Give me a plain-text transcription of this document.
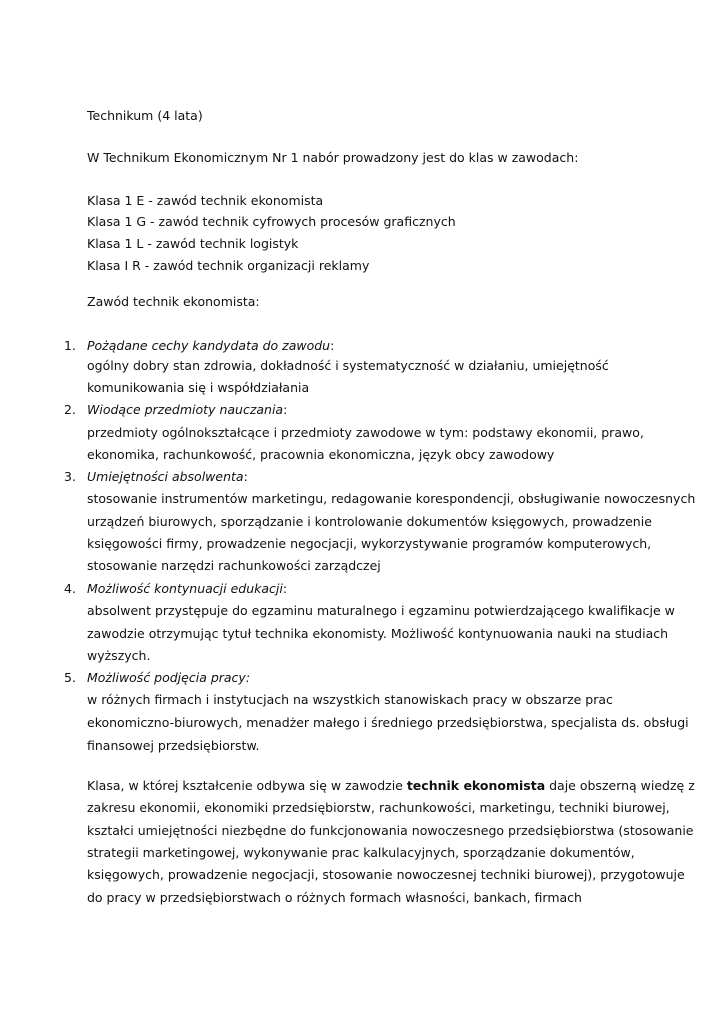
Technikum (4 lata)
W Technikum Ekonomicznym Nr 1 nabór prowadzony jest do klas w zawodach:
Klasa 1 E - zawód technik ekonomista
Klasa 1 G - zawód technik cyfrowych procesów graficznych
Klasa 1 L - zawód technik logistyk
Klasa I R - zawód technik organizacji reklamy
Zawód technik ekonomista:
1. Pożądane cechy kandydata do zawodu:
ogólny dobry stan zdrowia, dokładność i systematyczność w działaniu, umiejętność
komunikowania się i współdziałania
2. Wiodące przedmioty nauczania:
przedmioty ogólnokształcące i przedmioty zawodowe w tym: podstawy ekonomii, prawo,
ekonomika, rachunkowość, pracownia ekonomiczna, język obcy zawodowy
3. Umiejętności absolwenta:
stosowanie instrumentów marketingu, redagowanie korespondencji, obsługiwanie nowoczesnych
urządzeń biurowych, sporządzanie i kontrolowanie dokumentów księgowych, prowadzenie
księgowości firmy, prowadzenie negocjacji, wykorzystywanie programów komputerowych,
stosowanie narzędzi rachunkowości zarządczej
4. Możliwość kontynuacji edukacji:
absolwent przystępuje do egzaminu maturalnego i egzaminu potwierdzającego kwalifikacje w
zawodzie otrzymując tytuł technika ekonomisty. Możliwość kontynuowania nauki na studiach
wyższych.
5. Możliwość podjęcia pracy:
w różnych firmach i instytucjach na wszystkich stanowiskach pracy w obszarze prac
ekonomiczno-biurowych, menadżer małego i średniego przedsiębiorstwa, specjalista ds. obsługi
finansowej przedsiębiorstw.
Klasa, w której kształcenie odbywa się w zawodzie technik ekonomista daje obszerną wiedzę z
zakresu ekonomii, ekonomiki przedsiębiorstw, rachunkowości, marketingu, techniki biurowej,
kształci umiejętności niezbędne do funkcjonowania nowoczesnego przedsiębiorstwa (stosowanie
strategii marketingowej, wykonywanie prac kalkulacyjnych, sporządzanie dokumentów,
księgowych, prowadzenie negocjacji, stosowanie nowoczesnej techniki biurowej), przygotowuje
do pracy w przedsiębiorstwach o różnych formach własności, bankach, firmach
